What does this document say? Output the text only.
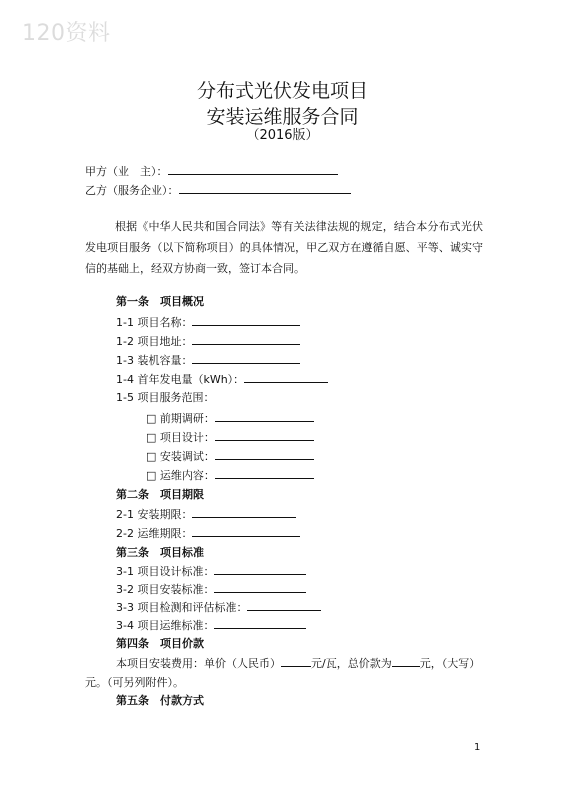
120资料
分布式光伏发电项目
安装运维服务合同
（2016版）
甲方（业　主）：
乙方（服务企业）：
根据《中华人民共和国合同法》等有关法律法规的规定，结合本分布式光伏发电项目服务（以下简称项目）的具体情况，甲乙双方在遵循自愿、平等、诚实守信的基础上，经双方协商一致，签订本合同。
第一条　项目概况
1-1 项目名称：
1-2 项目地址：
1-3 装机容量：
1-4 首年发电量（kWh）：
1-5 项目服务范围：
□ 前期调研：
□ 项目设计：
□ 安装调试：
□ 运维内容：
第二条　项目期限
2-1 安装期限：
2-2 运维期限：
第三条　项目标准
3-1 项目设计标准：
3-2 项目安装标准：
3-3 项目检测和评估标准：
3-4 项目运维标准：
第四条　项目价款
本项目安装费用：单价（人民币）	元/瓦，总价款为	元，（大写）
元。（可另列附件）。
第五条　付款方式
1
